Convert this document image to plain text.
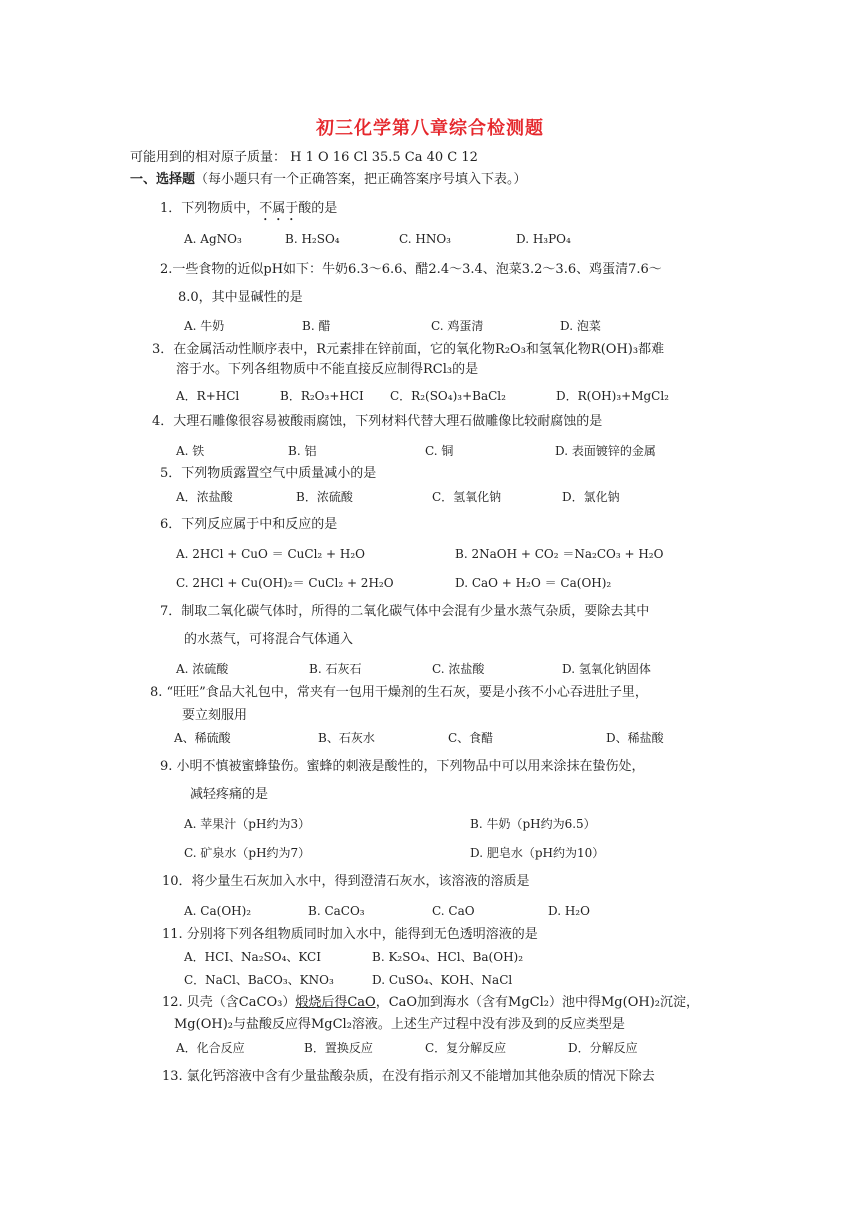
初三化学第八章综合检测题
可能用到的相对原子质量： H 1 O 16 Cl 35.5 Ca 40 C 12
一、选择题（每小题只有一个正确答案，把正确答案序号填入下表。）
1．下列物质中，不属于酸的是
A. AgNO₃	B. H₂SO₄	C. HNO₃	D. H₃PO₄
2.一些食物的近似pH如下：牛奶6.3～6.6、醋2.4～3.4、泡菜3.2～3.6、鸡蛋清7.6～
8.0，其中显碱性的是
A. 牛奶	B. 醋	C. 鸡蛋清	D. 泡菜
3．在金属活动性顺序表中，R元素排在锌前面，它的氧化物R₂O₃和氢氧化物R(OH)₃都难
溶于水。下列各组物质中不能直接反应制得RCl₃的是
A．R+HCl	B．R₂O₃+HCI C．R₂(SO₄)₃+BaCl₂	D．R(OH)₃+MgCl₂
4．大理石雕像很容易被酸雨腐蚀，下列材料代替大理石做雕像比较耐腐蚀的是
A. 铁	B. 铝	C. 铜	D. 表面镀锌的金属
5．下列物质露置空气中质量减小的是
A．浓盐酸	B．浓硫酸	C．氢氧化钠	D．氯化钠
6．下列反应属于中和反应的是
A. 2HCl + CuO ＝ CuCl₂ + H₂O	B. 2NaOH + CO₂ ＝Na₂CO₃ + H₂O
C. 2HCl + Cu(OH)₂＝ CuCl₂ + 2H₂O	D. CaO + H₂O ＝ Ca(OH)₂
7．制取二氧化碳气体时，所得的二氧化碳气体中会混有少量水蒸气杂质，要除去其中
的水蒸气，可将混合气体通入
A. 浓硫酸	B. 石灰石	C. 浓盐酸	D. 氢氧化钠固体
8. “旺旺”食品大礼包中，常夹有一包用干燥剂的生石灰，要是小孩不小心吞进肚子里，
要立刻服用
A、稀硫酸	B、石灰水	C、食醋	D、稀盐酸
9. 小明不慎被蜜蜂蛰伤。蜜蜂的刺液是酸性的，下列物品中可以用来涂抹在蛰伤处，
减轻疼痛的是
A. 苹果汁（pH约为3）	B. 牛奶（pH约为6.5）
C. 矿泉水（pH约为7）	D. 肥皂水（pH约为10）
10．将少量生石灰加入水中，得到澄清石灰水，该溶液的溶质是
A. Ca(OH)₂	B. CaCO₃	C. CaO	D. H₂O
11. 分别将下列各组物质同时加入水中，能得到无色透明溶液的是
A．HCI、Na₂SO₄、KCI	B. K₂SO₄、HCl、Ba(OH)₂
C．NaCl、BaCO₃、KNO₃	D. CuSO₄、KOH、NaCl
12. 贝壳（含CaCO₃）煅烧后得CaO，CaO加到海水（含有MgCl₂）池中得Mg(OH)₂沉淀，
Mg(OH)₂与盐酸反应得MgCl₂溶液。上述生产过程中没有涉及到的反应类型是
A．化合反应	B．置换反应	C．复分解反应	D．分解反应
13. 氯化钙溶液中含有少量盐酸杂质，在没有指示剂又不能增加其他杂质的情况下除去
